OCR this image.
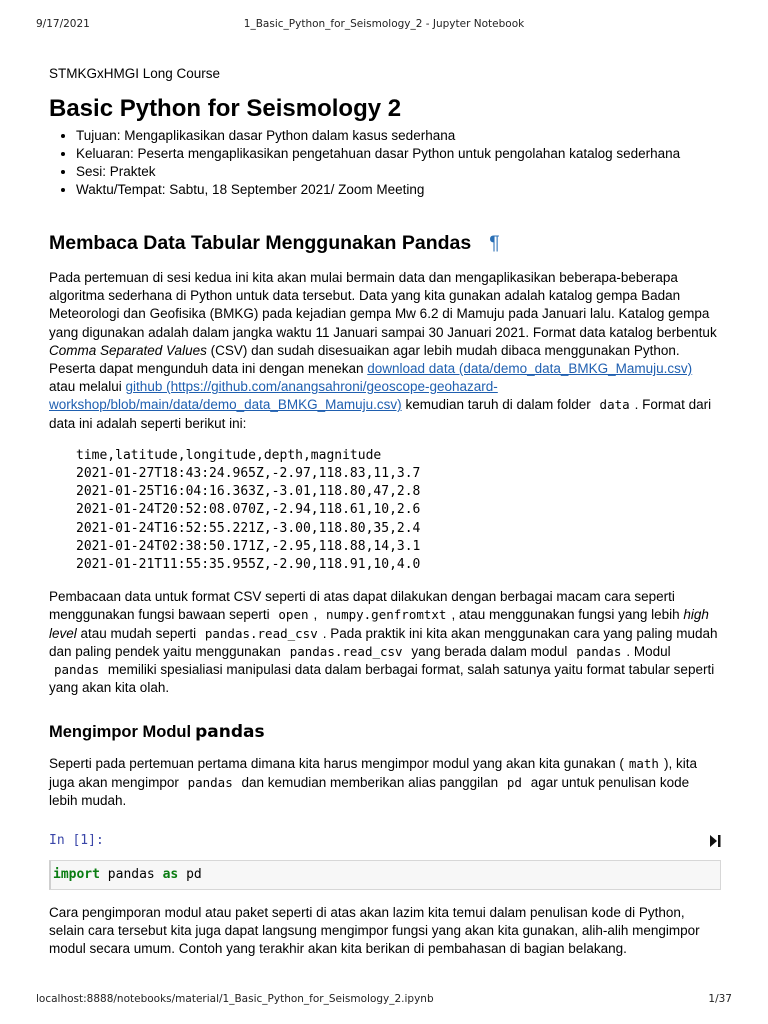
9/17/2021	1_Basic_Python_for_Seismology_2 - Jupyter Notebook
STMKGxHMGI Long Course
Basic Python for Seismology 2
• Tujuan: Mengaplikasikan dasar Python dalam kasus sederhana
• Keluaran: Peserta mengaplikasikan pengetahuan dasar Python untuk pengolahan katalog sederhana
• Sesi: Praktek
• Waktu/Tempat: Sabtu, 18 September 2021/ Zoom Meeting
Membaca Data Tabular Menggunakan Pandas ¶

Pada pertemuan di sesi kedua ini kita akan mulai bermain data dan mengaplikasikan beberapa-beberapa algoritma sederhana di Python untuk data tersebut. Data yang kita gunakan adalah katalog gempa Badan Meteorologi dan Geofisika (BMKG) pada kejadian gempa Mw 6.2 di Mamuju pada Januari lalu. Katalog gempa yang digunakan adalah dalam jangka waktu 11 Januari sampai 30 Januari 2021. Format data katalog berbentuk Comma Separated Values (CSV) dan sudah disesuaikan agar lebih mudah dibaca menggunakan Python. Peserta dapat mengunduh data ini dengan menekan download data (data/demo_data_BMKG_Mamuju.csv) atau melalui github (https://github.com/anangsahroni/geoscope-geohazard-workshop/blob/main/data/demo_data_BMKG_Mamuju.csv) kemudian taruh di dalam folder data . Format dari data ini adalah seperti berikut ini:

time,latitude,longitude,depth,magnitude
2021-01-27T18:43:24.965Z,-2.97,118.83,11,3.7
2021-01-25T16:04:16.363Z,-3.01,118.80,47,2.8
2021-01-24T20:52:08.070Z,-2.94,118.61,10,2.6
2021-01-24T16:52:55.221Z,-3.00,118.80,35,2.4
2021-01-24T02:38:50.171Z,-2.95,118.88,14,3.1
2021-01-21T11:55:35.955Z,-2.90,118.91,10,4.0

Pembacaan data untuk format CSV seperti di atas dapat dilakukan dengan berbagai macam cara seperti menggunakan fungsi bawaan seperti open , numpy.genfromtxt , atau menggunakan fungsi yang lebih high level atau mudah seperti pandas.read_csv . Pada praktik ini kita akan menggunakan cara yang paling mudah dan paling pendek yaitu menggunakan pandas.read_csv yang berada dalam modul pandas . Modul pandas memiliki spesialiasi manipulasi data dalam berbagai format, salah satunya yaitu format tabular seperti yang akan kita olah.

Mengimpor Modul pandas

Seperti pada pertemuan pertama dimana kita harus mengimpor modul yang akan kita gunakan ( math ), kita juga akan mengimpor pandas dan kemudian memberikan alias panggilan pd agar untuk penulisan kode lebih mudah.

In [1]:
import pandas as pd

Cara pengimporan modul atau paket seperti di atas akan lazim kita temui dalam penulisan kode di Python, selain cara tersebut kita juga dapat langsung mengimpor fungsi yang akan kita gunakan, alih-alih mengimpor modul secara umum. Contoh yang terakhir akan kita berikan di pembahasan di bagian belakang.

localhost:8888/notebooks/material/1_Basic_Python_for_Seismology_2.ipynb	1/37
